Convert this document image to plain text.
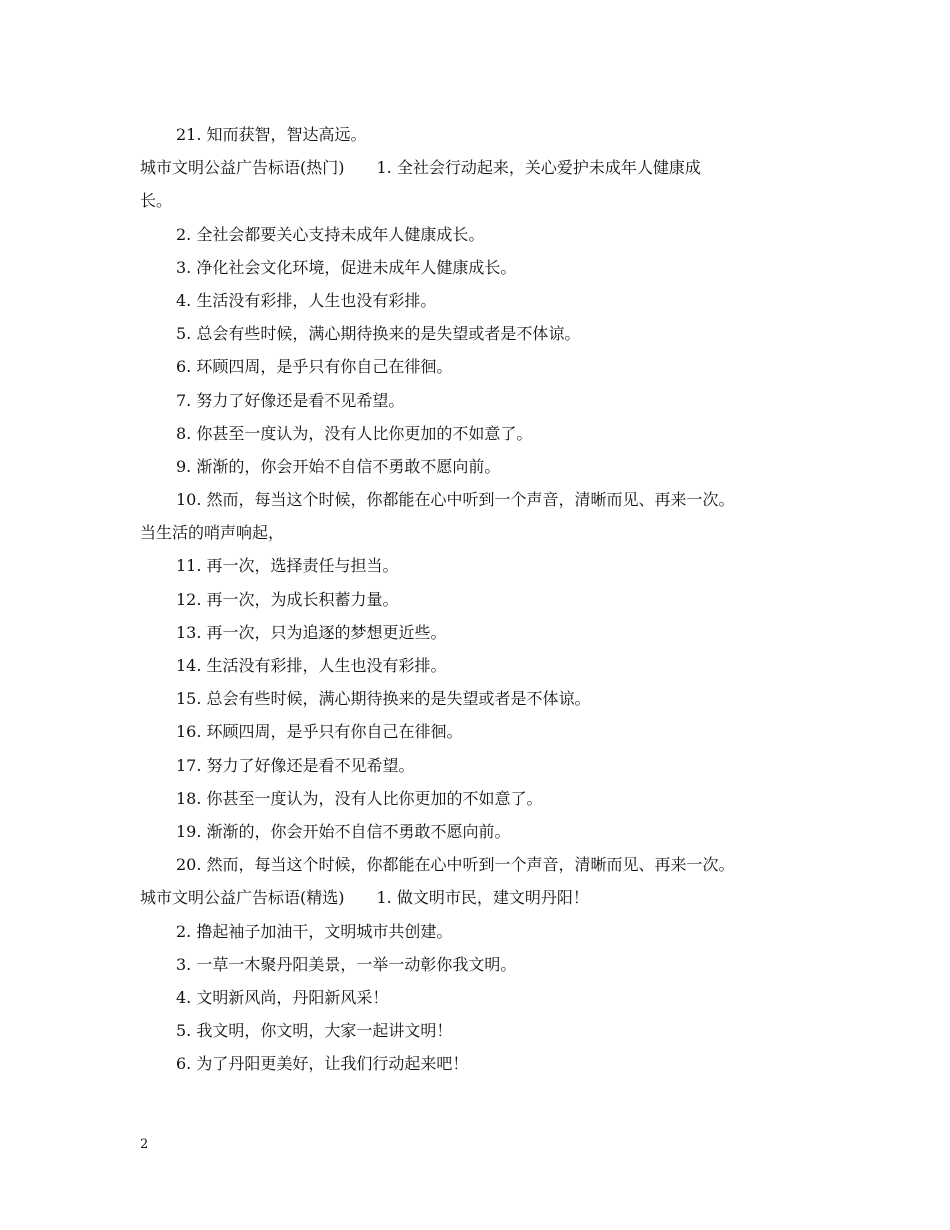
21. 知而获智，智达高远。
城市文明公益广告标语(热门)　　1. 全社会行动起来，关心爱护未成年人健康成
长。
2. 全社会都要关心支持未成年人健康成长。
3. 净化社会文化环境，促进未成年人健康成长。
4. 生活没有彩排，人生也没有彩排。
5. 总会有些时候，满心期待换来的是失望或者是不体谅。
6. 环顾四周，是乎只有你自己在徘徊。
7. 努力了好像还是看不见希望。
8. 你甚至一度认为，没有人比你更加的不如意了。
9. 渐渐的，你会开始不自信不勇敢不愿向前。
10. 然而，每当这个时候，你都能在心中听到一个声音，清晰而见、再来一次。
当生活的哨声响起，
11. 再一次，选择责任与担当。
12. 再一次，为成长积蓄力量。
13. 再一次，只为追逐的梦想更近些。
14. 生活没有彩排，人生也没有彩排。
15. 总会有些时候，满心期待换来的是失望或者是不体谅。
16. 环顾四周，是乎只有你自己在徘徊。
17. 努力了好像还是看不见希望。
18. 你甚至一度认为，没有人比你更加的不如意了。
19. 渐渐的，你会开始不自信不勇敢不愿向前。
20. 然而，每当这个时候，你都能在心中听到一个声音，清晰而见、再来一次。
城市文明公益广告标语(精选)　　1. 做文明市民，建文明丹阳！
2. 撸起袖子加油干，文明城市共创建。
3. 一草一木聚丹阳美景，一举一动彰你我文明。
4. 文明新风尚，丹阳新风采！
5. 我文明，你文明，大家一起讲文明！
6. 为了丹阳更美好，让我们行动起来吧！
2
